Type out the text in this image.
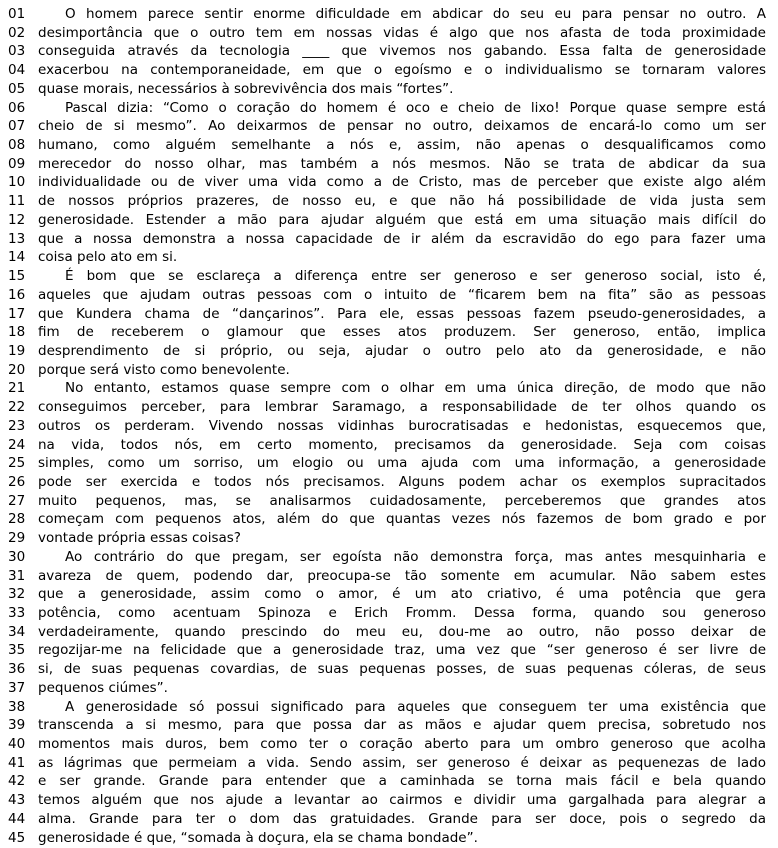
01	O homem parece sentir enorme dificuldade em abdicar do seu eu para pensar no outro. A
02 desimportância que o outro tem em nossas vidas é algo que nos afasta de toda proximidade
03 conseguida através da tecnologia ____ que vivemos nos gabando. Essa falta de generosidade
04 exacerbou na contemporaneidade, em que o egoísmo e o individualismo se tornaram valores
05 quase morais, necessários à sobrevivência dos mais “fortes”.
06	Pascal dizia: “Como o coração do homem é oco e cheio de lixo! Porque quase sempre está
07 cheio de si mesmo”. Ao deixarmos de pensar no outro, deixamos de encará-lo como um ser
08 humano, como alguém semelhante a nós e, assim, não apenas o desqualificamos como
09 merecedor do nosso olhar, mas também a nós mesmos. Não se trata de abdicar da sua
10 individualidade ou de viver uma vida como a de Cristo, mas de perceber que existe algo além
11 de nossos próprios prazeres, de nosso eu, e que não há possibilidade de vida justa sem
12 generosidade. Estender a mão para ajudar alguém que está em uma situação mais difícil do
13 que a nossa demonstra a nossa capacidade de ir além da escravidão do ego para fazer uma
14 coisa pelo ato em si.
15	É bom que se esclareça a diferença entre ser generoso e ser generoso social, isto é,
16 aqueles que ajudam outras pessoas com o intuito de “ficarem bem na fita” são as pessoas
17 que Kundera chama de “dançarinos”. Para ele, essas pessoas fazem pseudo-generosidades, a
18 fim de receberem o glamour que esses atos produzem. Ser generoso, então, implica
19 desprendimento de si próprio, ou seja, ajudar o outro pelo ato da generosidade, e não
20 porque será visto como benevolente.
21	No entanto, estamos quase sempre com o olhar em uma única direção, de modo que não
22 conseguimos perceber, para lembrar Saramago, a responsabilidade de ter olhos quando os
23 outros os perderam. Vivendo nossas vidinhas burocratisadas e hedonistas, esquecemos que,
24 na vida, todos nós, em certo momento, precisamos da generosidade. Seja com coisas
25 simples, como um sorriso, um elogio ou uma ajuda com uma informação, a generosidade
26 pode ser exercida e todos nós precisamos. Alguns podem achar os exemplos supracitados
27 muito pequenos, mas, se analisarmos cuidadosamente, perceberemos que grandes atos
28 começam com pequenos atos, além do que quantas vezes nós fazemos de bom grado e por
29 vontade própria essas coisas?
30	Ao contrário do que pregam, ser egoísta não demonstra força, mas antes mesquinharia e
31 avareza de quem, podendo dar, preocupa-se tão somente em acumular. Não sabem estes
32 que a generosidade, assim como o amor, é um ato criativo, é uma potência que gera
33 potência, como acentuam Spinoza e Erich Fromm. Dessa forma, quando sou generoso
34 verdadeiramente, quando prescindo do meu eu, dou-me ao outro, não posso deixar de
35 regozijar-me na felicidade que a generosidade traz, uma vez que “ser generoso é ser livre de
36 si, de suas pequenas covardias, de suas pequenas posses, de suas pequenas cóleras, de seus
37 pequenos ciúmes”.
38	A generosidade só possui significado para aqueles que conseguem ter uma existência que
39 transcenda a si mesmo, para que possa dar as mãos e ajudar quem precisa, sobretudo nos
40 momentos mais duros, bem como ter o coração aberto para um ombro generoso que acolha
41 as lágrimas que permeiam a vida. Sendo assim, ser generoso é deixar as pequenezas de lado
42 e ser grande. Grande para entender que a caminhada se torna mais fácil e bela quando
43 temos alguém que nos ajude a levantar ao cairmos e dividir uma gargalhada para alegrar a
44 alma. Grande para ter o dom das gratuidades. Grande para ser doce, pois o segredo da
45 generosidade é que, “somada à doçura, ela se chama bondade”.
